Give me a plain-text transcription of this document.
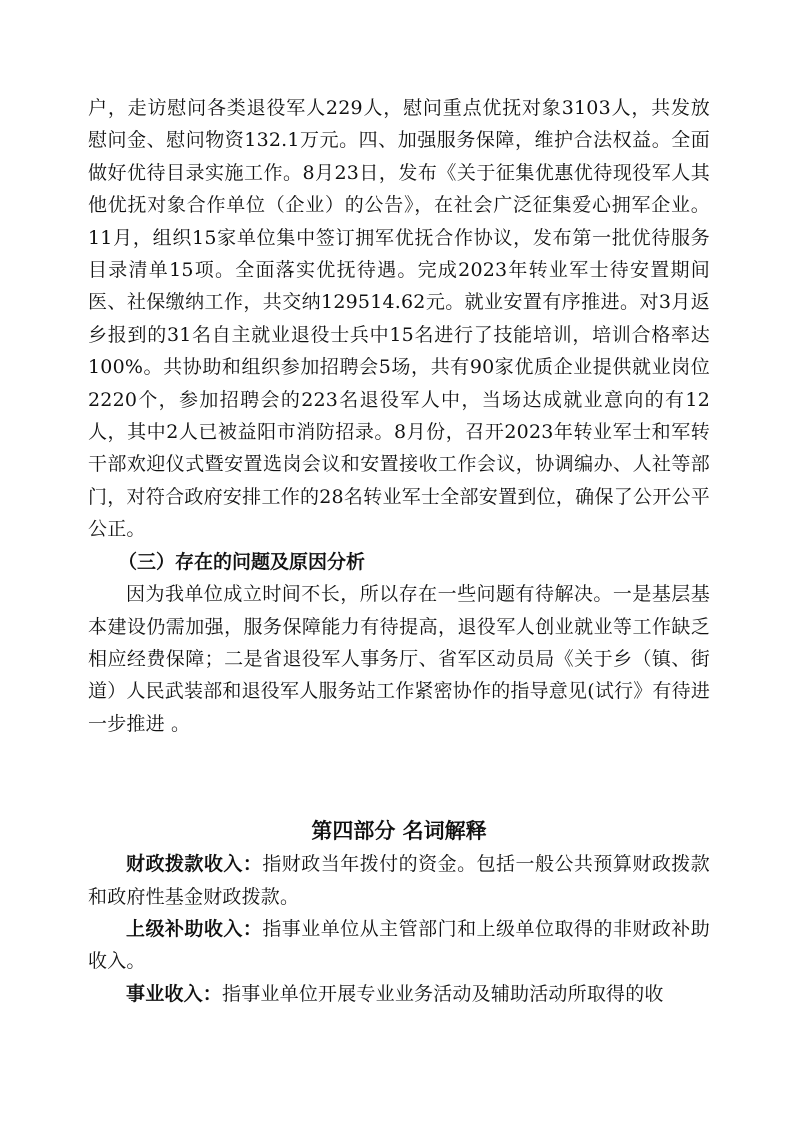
户，走访慰问各类退役军人229人，慰问重点优抚对象3103人，共发放慰问金、慰问物资132.1万元。四、加强服务保障，维护合法权益。全面做好优待目录实施工作。8月23日，发布《关于征集优惠优待现役军人其他优抚对象合作单位（企业）的公告》，在社会广泛征集爱心拥军企业。11月，组织15家单位集中签订拥军优抚合作协议，发布第一批优待服务目录清单15项。全面落实优抚待遇。完成2023年转业军士待安置期间医、社保缴纳工作，共交纳129514.62元。就业安置有序推进。对3月返乡报到的31名自主就业退役士兵中15名进行了技能培训，培训合格率达100%。共协助和组织参加招聘会5场，共有90家优质企业提供就业岗位2220个，参加招聘会的223名退役军人中，当场达成就业意向的有12人，其中2人已被益阳市消防招录。8月份，召开2023年转业军士和军转干部欢迎仪式暨安置选岗会议和安置接收工作会议，协调编办、人社等部门，对符合政府安排工作的28名转业军士全部安置到位，确保了公开公平公正。

（三）存在的问题及原因分析

因为我单位成立时间不长，所以存在一些问题有待解决。一是基层基本建设仍需加强，服务保障能力有待提高，退役军人创业就业等工作缺乏相应经费保障；二是省退役军人事务厅、省军区动员局《关于乡（镇、街道）人民武装部和退役军人服务站工作紧密协作的指导意见(试行》有待进一步推进 。

第四部分 名词解释

财政拨款收入：指财政当年拨付的资金。包括一般公共预算财政拨款和政府性基金财政拨款。

上级补助收入：指事业单位从主管部门和上级单位取得的非财政补助收入。

事业收入：指事业单位开展专业业务活动及辅助活动所取得的收
